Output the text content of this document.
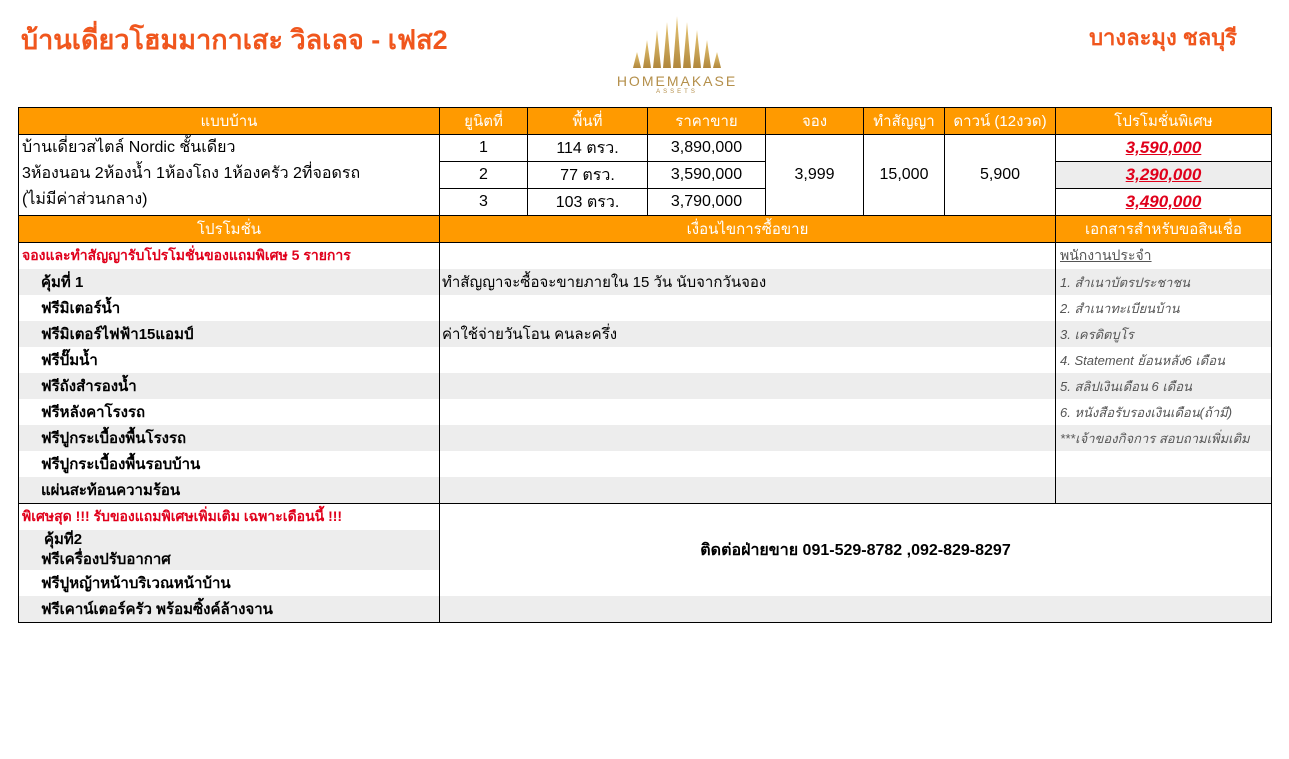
บ้านเดี่ยวโฮมมากาเสะ วิลเลจ - เฟส2
HOMEMAKASE
ASSETS
บางละมุง ชลบุรี
แบบบ้าน	ยูนิตที่	พื้นที่	ราคาขาย	จอง	ทำสัญญา	ดาวน์ (12งวด)	โปรโมชั่นพิเศษ

บ้านเดี่ยวสไตล์ Nordic ชั้นเดียว
3ห้องนอน 2ห้องน้ำ 1ห้องโถง 1ห้องครัว 2ที่จอดรถ
(ไม่มีค่าส่วนกลาง)	1	114 ตรว.	3,890,000	3,999	15,000	5,900	3,590,000
	2	77 ตรว.	3,590,000				3,290,000
	3	103 ตรว.	3,790,000				3,490,000
โปรโมชั่น	เงื่อนไขการซื้อขาย						เอกสารสำหรับขอสินเชื่อ
จองและทำสัญญารับโปรโมชั่นของแถมพิเศษ 5 รายการ							พนักงานประจำ
คุ้มที่ 1	ทำสัญญาจะซื้อจะขายภายใน 15 วัน นับจากวันจอง						1. สำเนาบัตรประชาชน
ฟรีมิเตอร์น้ำ							2. สำเนาทะเบียนบ้าน
ฟรีมิเตอร์ไฟฟ้า15แอมป์	ค่าใช้จ่ายวันโอน คนละครึ่ง						3. เครดิตบูโร
ฟรีปั๊มน้ำ							4. Statement ย้อนหลัง6 เดือน
ฟรีถังสำรองน้ำ							5. สลิปเงินเดือน 6 เดือน
ฟรีหลังคาโรงรถ							6. หนังสือรับรองเงินเดือน(ถ้ามี)
ฟรีปูกระเบื้องพื้นโรงรถ							***เจ้าของกิจการ สอบถามเพิ่มเติม
ฟรีปูกระเบื้องพื้นรอบบ้าน							
แผ่นสะท้อนความร้อน							
พิเศษสุด !!! รับของแถมพิเศษเพิ่มเติม เฉพาะเดือนนี้ !!!							

คุ้มที่2
ฟรีเครื่องปรับอากาศ	ติดต่อฝ่ายขาย 091-529-8782 ,092-829-8297						

ฟรีปูหญ้าหน้าบริเวณหน้าบ้าน							
ฟรีเคาน์เตอร์ครัว พร้อมซิ้งค์ล้างจาน							
